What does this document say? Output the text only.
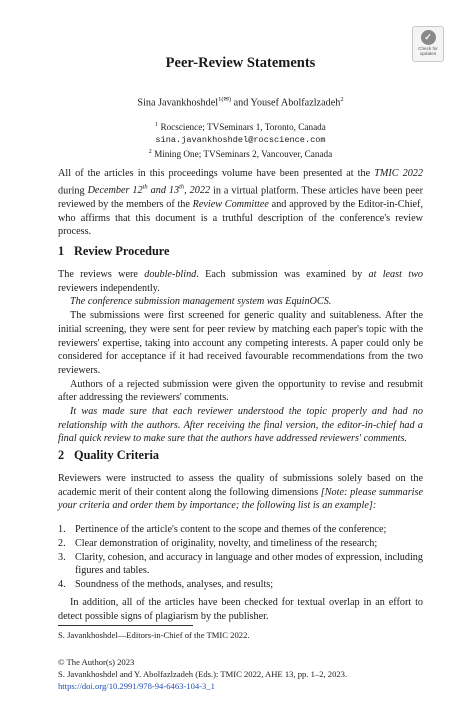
✓
Check for
updates
Peer-Review Statements
Sina Javankhoshdel$^{1(✉)}$ and Yousef Abolfazlzadeh$^2$
$^1$ Rocscience; TVSeminars 1, Toronto, Canada
sina.javankhoshdel@rocscience.com
$^2$ Mining One; TVSeminars 2, Vancouver, Canada

All of the articles in this proceedings volume have been presented at the TMIC 2022 during December 12th and 13th, 2022 in a virtual platform. These articles have been peer reviewed by the members of the Review Committee and approved by the Editor-in-Chief, who affirms that this document is a truthful description of the conference's review process.

1 Review Procedure

The reviews were double-blind. Each submission was examined by at least two reviewers independently.

The conference submission management system was EquinOCS.

The submissions were first screened for generic quality and suitableness. After the initial screening, they were sent for peer review by matching each paper's topic with the reviewers' expertise, taking into account any competing interests. A paper could only be considered for acceptance if it had received favourable recommendations from the two reviewers.

Authors of a rejected submission were given the opportunity to revise and resubmit after addressing the reviewers' comments.

It was made sure that each reviewer understood the topic properly and had no relationship with the authors. After receiving the final version, the editor-in-chief had a final quick review to make sure that the authors have addressed reviewers' comments.

2 Quality Criteria

Reviewers were instructed to assess the quality of submissions solely based on the academic merit of their content along the following dimensions [Note: please summarise your criteria and order them by importance; the following list is an example]:

1. Pertinence of the article's content to the scope and themes of the conference;
2. Clear demonstration of originality, novelty, and timeliness of the research;
3. Clarity, cohesion, and accuracy in language and other modes of expression, including figures and tables.
4. Soundness of the methods, analyses, and results;

In addition, all of the articles have been checked for textual overlap in an effort to detect possible signs of plagiarism by the publisher.

S. Javankhoshdel—Editors-in-Chief of the TMIC 2022.
© The Author(s) 2023
S. Javankhoshdel and Y. Abolfazlzadeh (Eds.): TMIC 2022, AHE 13, pp. 1–2, 2023.
https://doi.org/10.2991/978-94-6463-104-3_1
